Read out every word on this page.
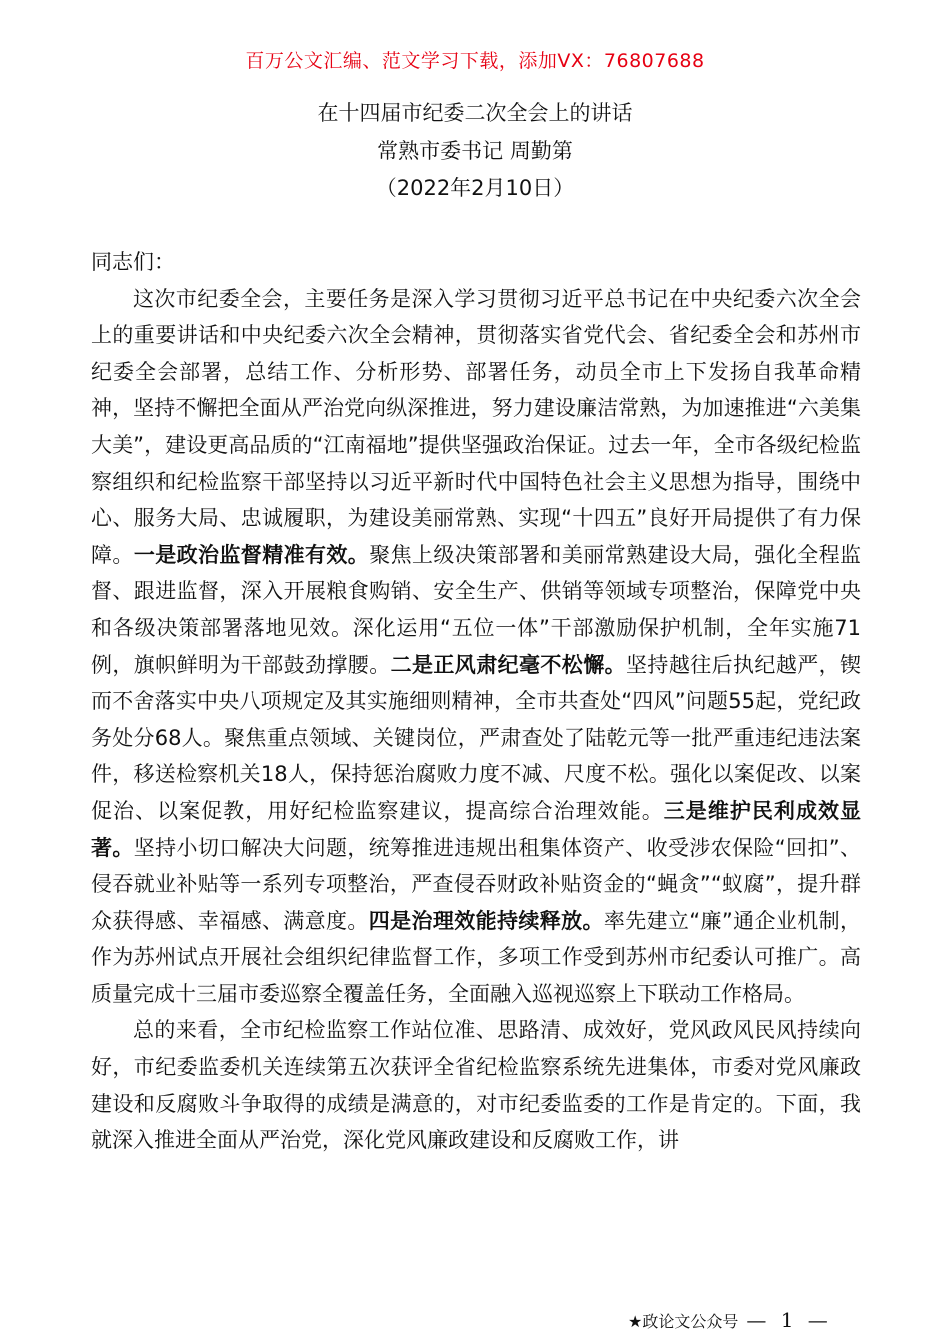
百万公文汇编、范文学习下载，添加VX：76807688
在十四届市纪委二次全会上的讲话
常熟市委书记 周勤第
（2022年2月10日）

同志们：

这次市纪委全会，主要任务是深入学习贯彻习近平总书记在中央纪委六次全会上的重要讲话和中央纪委六次全会精神，贯彻落实省党代会、省纪委全会和苏州市纪委全会部署，总结工作、分析形势、部署任务，动员全市上下发扬自我革命精神，坚持不懈把全面从严治党向纵深推进，努力建设廉洁常熟，为加速推进“六美集大美”，建设更高品质的“江南福地”提供坚强政治保证。过去一年，全市各级纪检监察组织和纪检监察干部坚持以习近平新时代中国特色社会主义思想为指导，围绕中心、服务大局、忠诚履职，为建设美丽常熟、实现“十四五”良好开局提供了有力保障。一是政治监督精准有效。聚焦上级决策部署和美丽常熟建设大局，强化全程监督、跟进监督，深入开展粮食购销、安全生产、供销等领域专项整治，保障党中央和各级决策部署落地见效。深化运用“五位一体”干部激励保护机制，全年实施71例，旗帜鲜明为干部鼓劲撑腰。二是正风肃纪毫不松懈。坚持越往后执纪越严，锲而不舍落实中央八项规定及其实施细则精神，全市共查处“四风”问题55起，党纪政务处分68人。聚焦重点领域、关键岗位，严肃查处了陆乾元等一批严重违纪违法案件，移送检察机关18人，保持惩治腐败力度不减、尺度不松。强化以案促改、以案促治、以案促教，用好纪检监察建议，提高综合治理效能。三是维护民利成效显著。坚持小切口解决大问题，统筹推进违规出租集体资产、收受涉农保险“回扣”、侵吞就业补贴等一系列专项整治，严查侵吞财政补贴资金的“蝇贪”“蚁腐”，提升群众获得感、幸福感、满意度。四是治理效能持续释放。率先建立“廉”通企业机制，作为苏州试点开展社会组织纪律监督工作，多项工作受到苏州市纪委认可推广。高质量完成十三届市委巡察全覆盖任务，全面融入巡视巡察上下联动工作格局。

总的来看，全市纪检监察工作站位准、思路清、成效好，党风政风民风持续向好，市纪委监委机关连续第五次获评全省纪检监察系统先进集体，市委对党风廉政建设和反腐败斗争取得的成绩是满意的，对市纪委监委的工作是肯定的。下面，我就深入推进全面从严治党，深化党风廉政建设和反腐败工作，讲

★政论文公众号 — 1 —
